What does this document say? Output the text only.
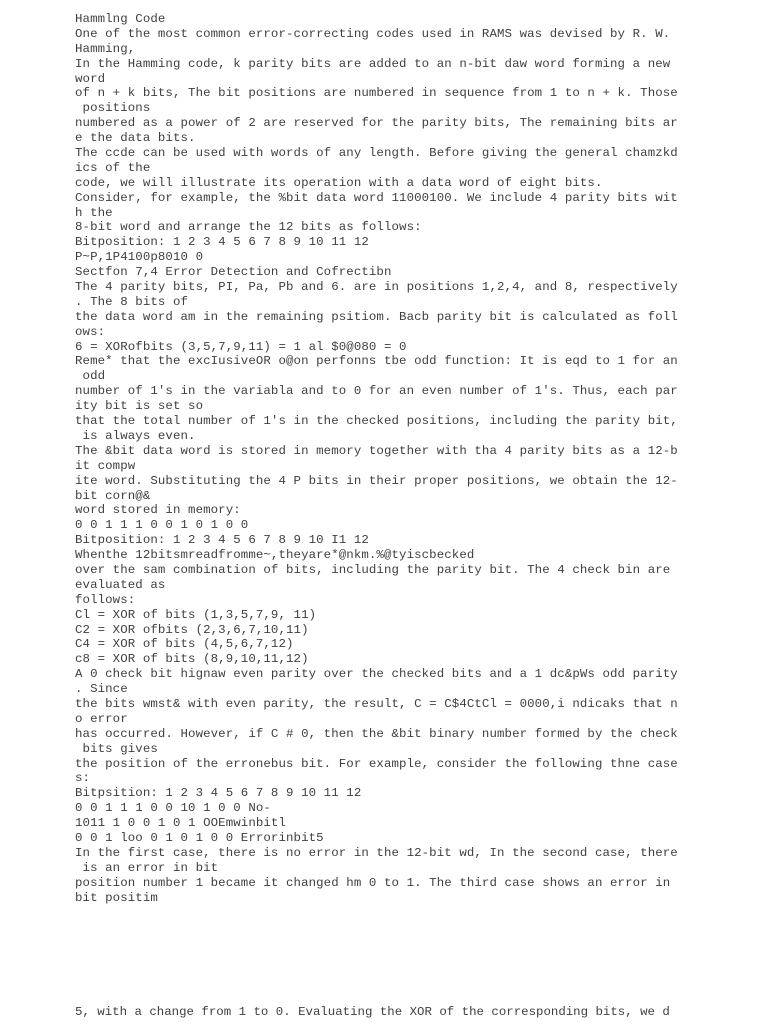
Hammlng Code
One of the most common error-correcting codes used in RAMS was devised by R. W.
Hamming,
In the Hamming code, k parity bits are added to an n-bit daw word forming a new
word
of n + k bits, The bit positions are numbered in sequence from 1 to n + k. Those
positions
numbered as a power of 2 are reserved for the parity bits, The remaining bits ar
e the data bits.
The ccde can be used with words of any length. Before giving the general chamzkd
ics of the
code, we will illustrate its operation with a data word of eight bits.
Consider, for example, the %bit data word 11000100. We include 4 parity bits wit
h the
8-bit word and arrange the 12 bits as follows:
Bitposition: 1 2 3 4 5 6 7 8 9 10 11 12
P~P,1P4100p8010 0
Sectfon 7,4 Error Detection and Cofrectibn
The 4 parity bits, PI, Pa, Pb and 6. are in positions 1,2,4, and 8, respectively
. The 8 bits of
the data word am in the remaining psitiom. Bacb parity bit is calculated as foll
ows:
6 = XORofbits (3,5,7,9,11) = 1 al $0@080 = 0
Reme* that the excIusiveOR o@on perfonns tbe odd function: It is eqd to 1 for an
odd
number of 1's in the variabla and to 0 for an even number of 1's. Thus, each par
ity bit is set so
that the total number of 1's in the checked positions, including the parity bit,
is always even.
The &bit data word is stored in memory together with tha 4 parity bits as a 12-b
it compw
ite word. Substituting the 4 P bits in their proper positions, we obtain the 12-
bit corn@&
word stored in memory:
0 0 1 1 1 0 0 1 0 1 0 0
Bitposition: 1 2 3 4 5 6 7 8 9 10 I1 12
Whenthe 12bitsmreadfromme~,theyare*@nkm.%@tyiscbecked
over the sam combination of bits, including the parity bit. The 4 check bin are
evaluated as
follows:
Cl = XOR of bits (1,3,5,7,9, 11)
C2 = XOR ofbits (2,3,6,7,10,11)
C4 = XOR of bits (4,5,6,7,12)
c8 = XOR of bits (8,9,10,11,12)
A 0 check bit hignaw even parity over the checked bits and a 1 dc&pWs odd parity
. Since
the bits wmst& with even parity, the result, C = C$4CtCl = 0000,i ndicaks that n
o error
has occurred. However, if C # 0, then the &bit binary number formed by the check
bits gives
the position of the erronebus bit. For example, consider the following thne case
s:
Bitpsition: 1 2 3 4 5 6 7 8 9 10 11 12
0 0 1 1 1 0 0 10 1 0 0 No-
1011 1 0 0 1 0 1 OOEmwinbitl
0 0 1 loo 0 1 0 1 0 0 Errorinbit5
In the first case, there is no error in the 12-bit wd, In the second case, there
is an error in bit
position number 1 became it changed hm 0 to 1. The third case shows an error in
bit positim
5, with a change from 1 to 0. Evaluating the XOR of the corresponding bits, we d
